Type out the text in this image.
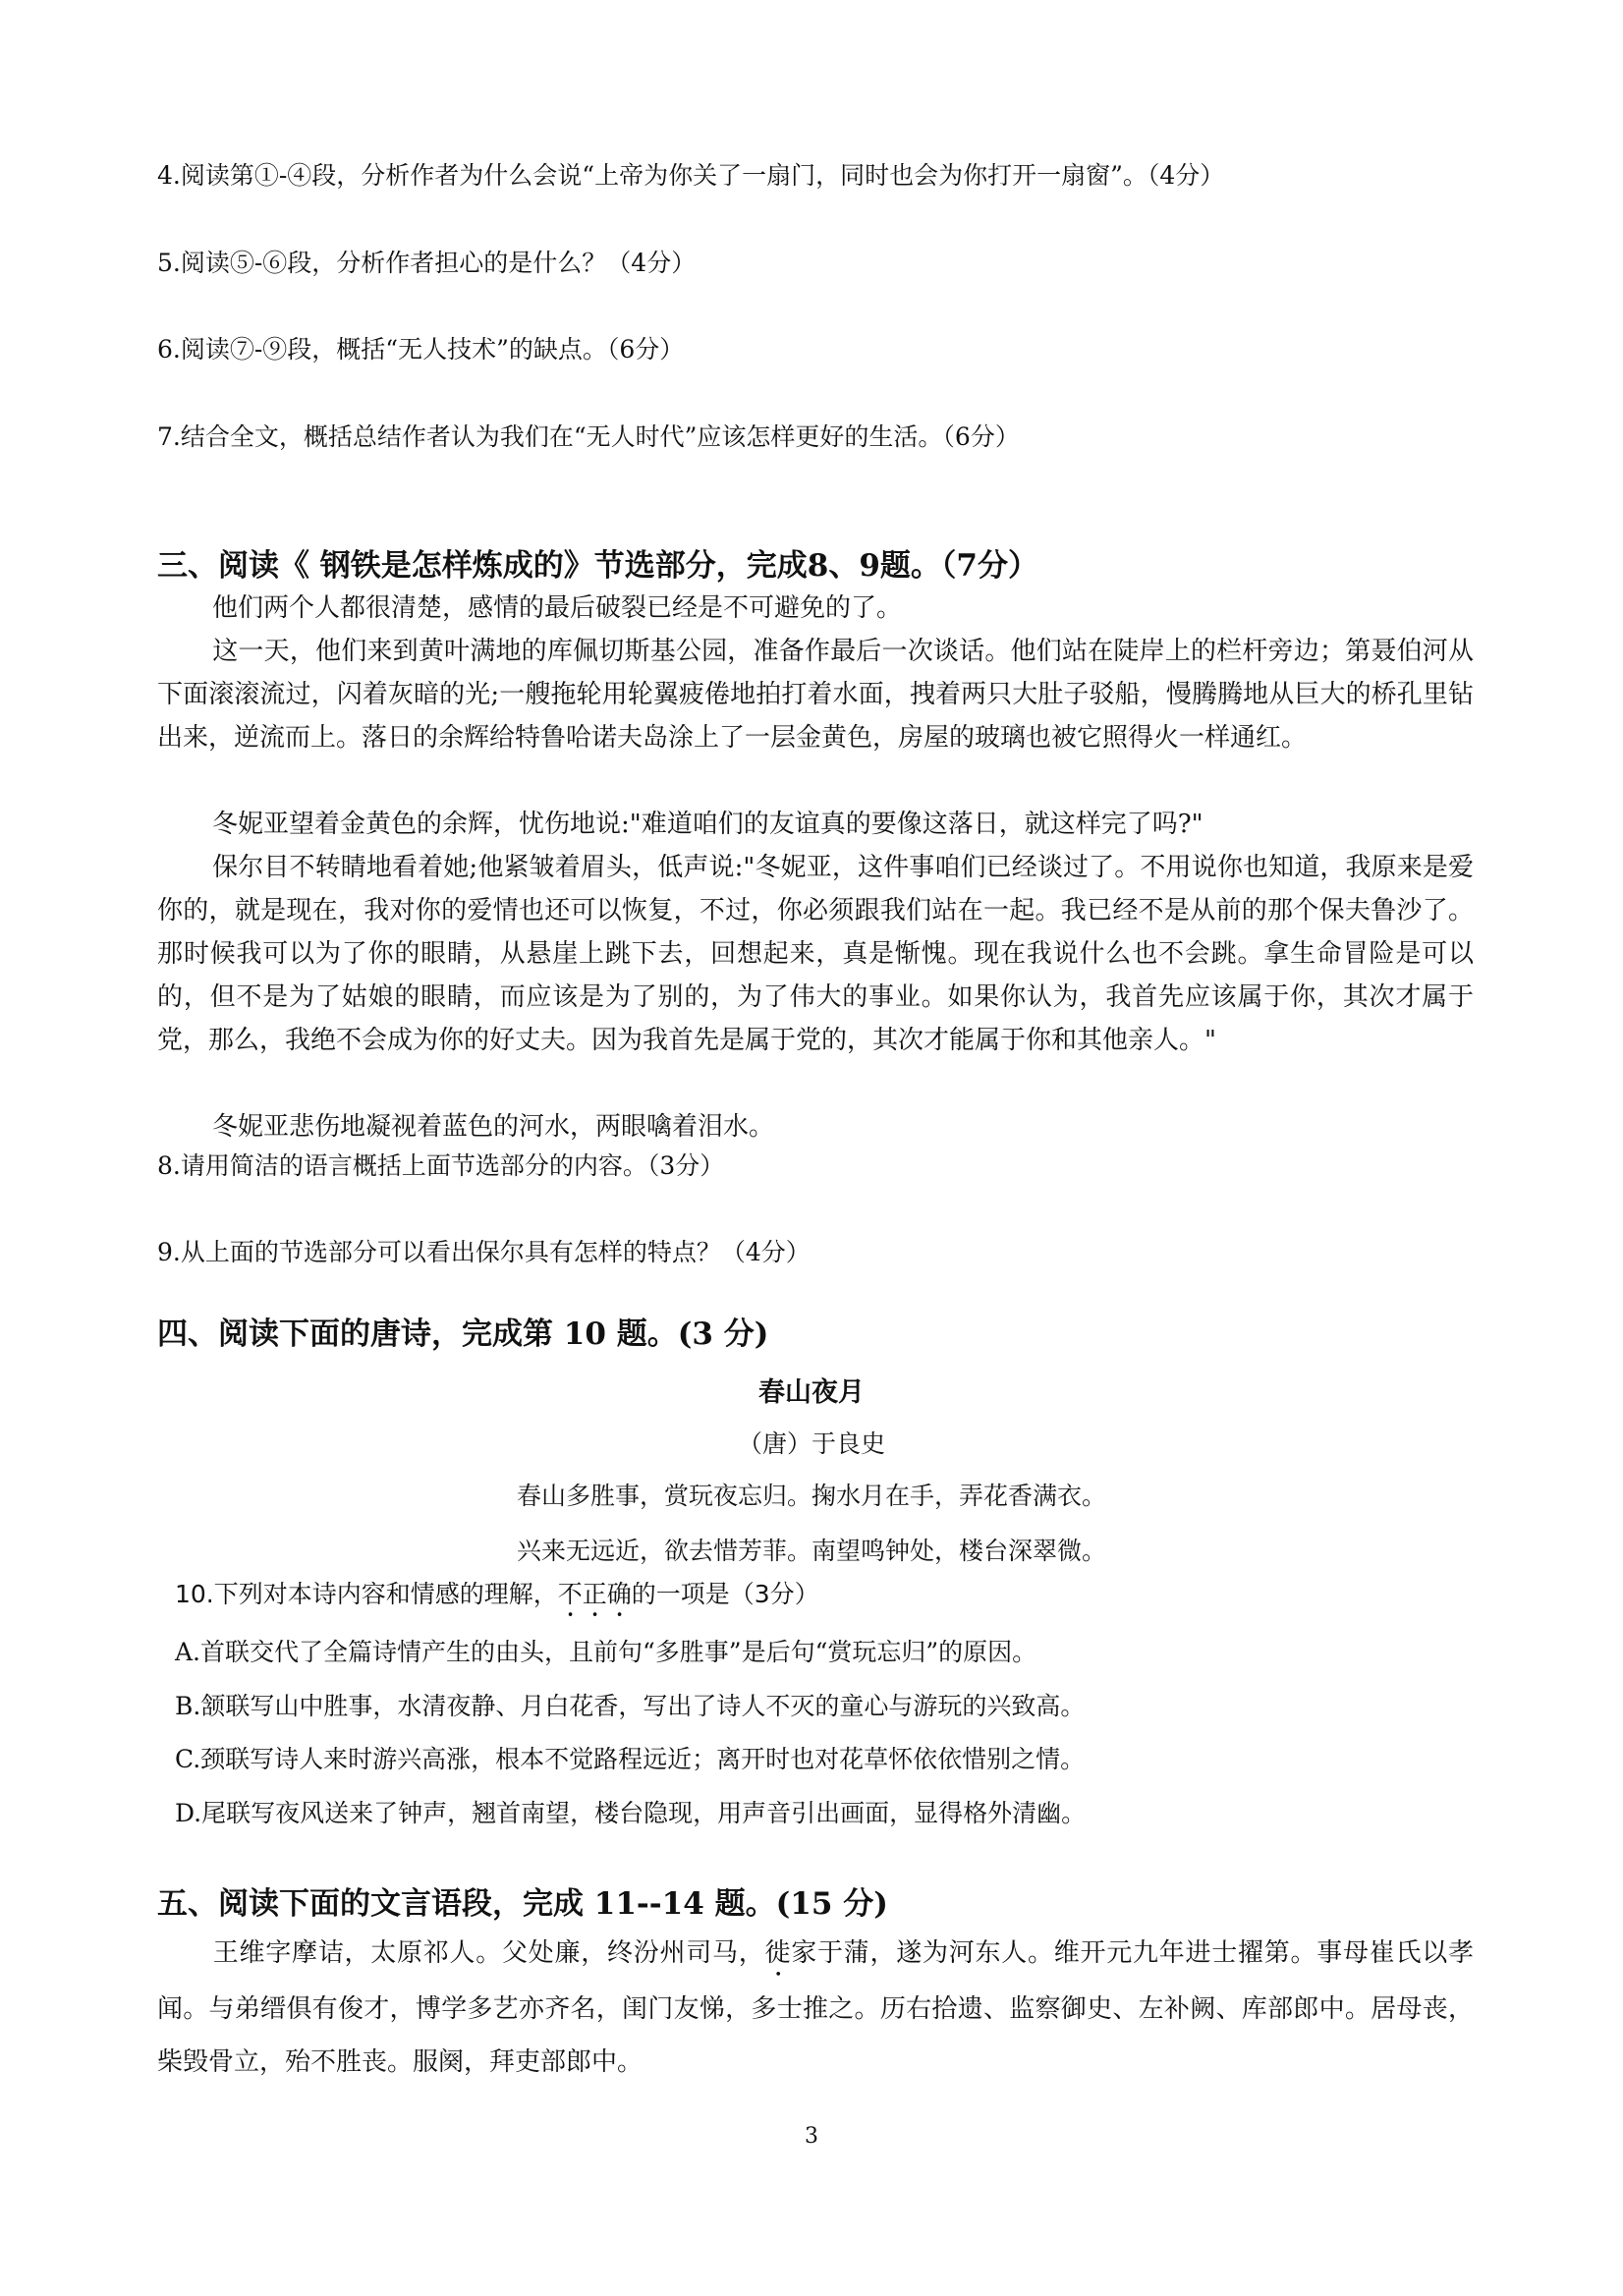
4.阅读第①-④段，分析作者为什么会说“上帝为你关了一扇门，同时也会为你打开一扇窗”。（4分）
5.阅读⑤-⑥段，分析作者担心的是什么？（4分）
6.阅读⑦-⑨段，概括“无人技术”的缺点。（6分）
7.结合全文，概括总结作者认为我们在“无人时代”应该怎样更好的生活。（6分）
三、阅读《 钢铁是怎样炼成的》节选部分，完成8、9题。（7分）
他们两个人都很清楚，感情的最后破裂已经是不可避免的了。
这一天，他们来到黄叶满地的库佩切斯基公园，准备作最后一次谈话。他们站在陡岸上的栏杆旁边；第聂伯河从下面滚滚流过，闪着灰暗的光;一艘拖轮用轮翼疲倦地拍打着水面，拽着两只大肚子驳船，慢腾腾地从巨大的桥孔里钻出来，逆流而上。落日的余辉给特鲁哈诺夫岛涂上了一层金黄色，房屋的玻璃也被它照得火一样通红。
冬妮亚望着金黄色的余辉，忧伤地说:"难道咱们的友谊真的要像这落日，就这样完了吗?"
保尔目不转睛地看着她;他紧皱着眉头，低声说:"冬妮亚，这件事咱们已经谈过了。不用说你也知道，我原来是爱你的，就是现在，我对你的爱情也还可以恢复，不过，你必须跟我们站在一起。我已经不是从前的那个保夫鲁沙了。那时候我可以为了你的眼睛，从悬崖上跳下去，回想起来，真是惭愧。现在我说什么也不会跳。拿生命冒险是可以的，但不是为了姑娘的眼睛，而应该是为了别的，为了伟大的事业。如果你认为，我首先应该属于你，其次才属于党，那么，我绝不会成为你的好丈夫。因为我首先是属于党的，其次才能属于你和其他亲人。"
冬妮亚悲伤地凝视着蓝色的河水，两眼噙着泪水。
8.请用简洁的语言概括上面节选部分的内容。（3分）
9.从上面的节选部分可以看出保尔具有怎样的特点？（4分）
四、阅读下面的唐诗，完成第 10 题。(3 分)
春山夜月
（唐）于良史
春山多胜事，赏玩夜忘归。掬水月在手，弄花香满衣。
兴来无远近，欲去惜芳菲。南望鸣钟处，楼台深翠微。
10.下列对本诗内容和情感的理解，不正确的一项是（3分）
A.首联交代了全篇诗情产生的由头，且前句“多胜事”是后句“赏玩忘归”的原因。
B.颔联写山中胜事，水清夜静、月白花香，写出了诗人不灭的童心与游玩的兴致高。
C.颈联写诗人来时游兴高涨，根本不觉路程远近；离开时也对花草怀依依惜别之情。
D.尾联写夜风送来了钟声，翘首南望，楼台隐现，用声音引出画面，显得格外清幽。
五、阅读下面的文言语段，完成 11--14 题。(15 分)
王维字摩诘，太原祁人。父处廉，终汾州司马，徙家于蒲，遂为河东人。维开元九年进士擢第。事母崔氏以孝闻。与弟缙俱有俊才，博学多艺亦齐名，闺门友悌，多士推之。历右拾遗、监察御史、左补阙、库部郎中。居母丧，柴毁骨立，殆不胜丧。服阕，拜吏部郎中。
3
